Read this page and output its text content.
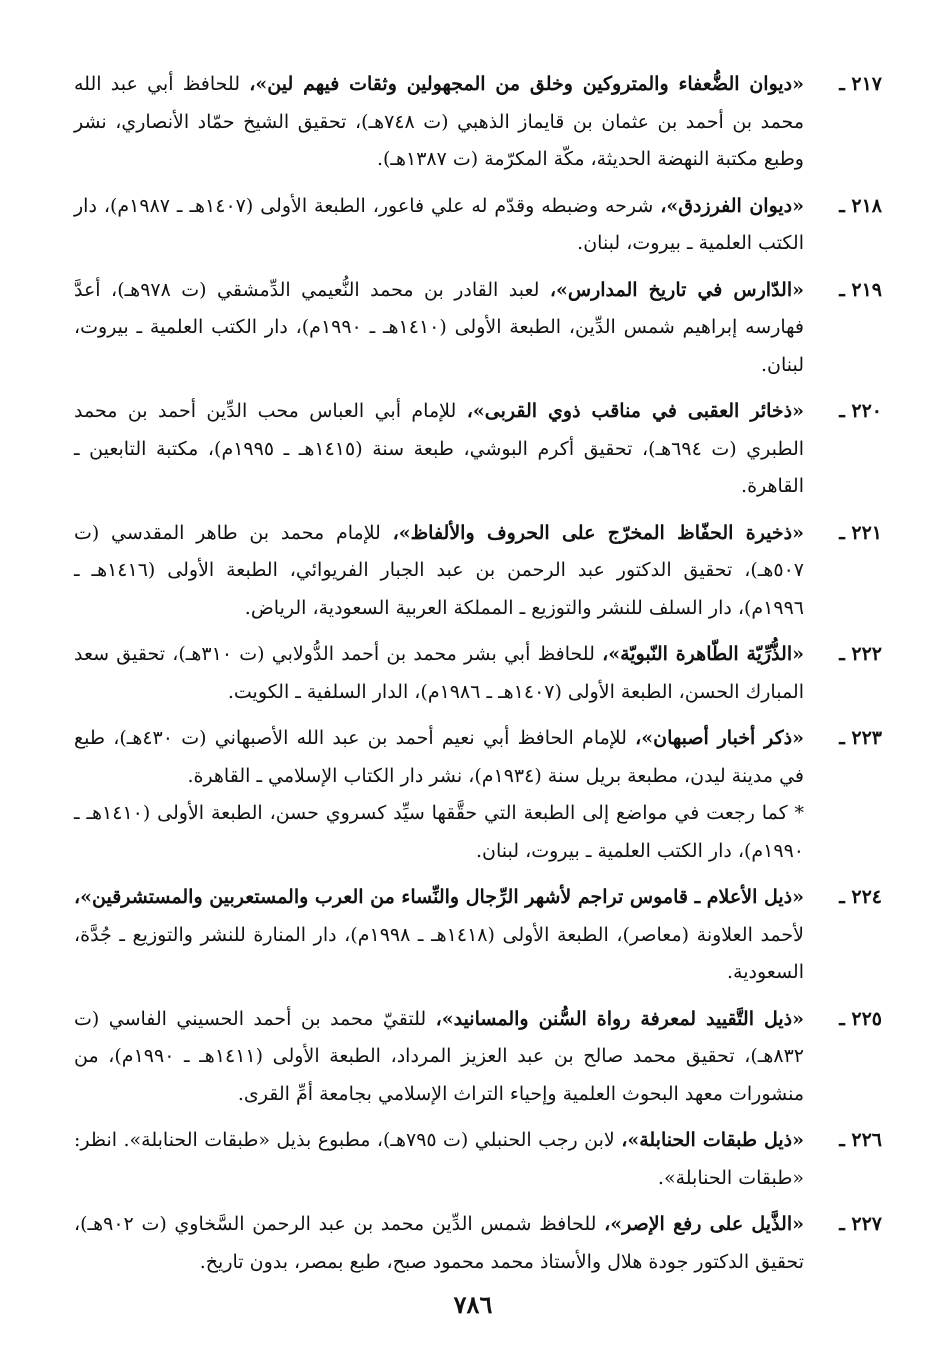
٢١٧ ـ
«ديوان الضُّعفاء والمتروكين وخلق من المجهولين وثقات فيهم لين»، للحافظ أبي عبد الله محمد بن أحمد بن عثمان بن قايماز الذهبي (ت ٧٤٨هـ)، تحقيق الشيخ حمّاد الأنصاري، نشر وطبع مكتبة النهضة الحديثة، مكّة المكرّمة (ت ١٣٨٧هـ).
٢١٨ ـ
«ديوان الفرزدق»، شرحه وضبطه وقدّم له علي فاعور، الطبعة الأولى (١٤٠٧هـ ـ ١٩٨٧م)، دار الكتب العلمية ـ بيروت، لبنان.
٢١٩ ـ
«الدّارس في تاريخ المدارس»، لعبد القادر بن محمد النُّعيمي الدِّمشقي (ت ٩٧٨هـ)، أعدَّ فهارسه إبراهيم شمس الدِّين، الطبعة الأولى (١٤١٠هـ ـ ١٩٩٠م)، دار الكتب العلمية ـ بيروت، لبنان.
٢٢٠ ـ
«ذخائر العقبى في مناقب ذوي القربى»، للإمام أبي العباس محب الدِّين أحمد بن محمد الطبري (ت ٦٩٤هـ)، تحقيق أكرم البوشي، طبعة سنة (١٤١٥هـ ـ ١٩٩٥م)، مكتبة التابعين ـ القاهرة.
٢٢١ ـ
«ذخيرة الحفّاظ المخرّج على الحروف والألفاظ»، للإمام محمد بن طاهر المقدسي (ت ٥٠٧هـ)، تحقيق الدكتور عبد الرحمن بن عبد الجبار الفريوائي، الطبعة الأولى (١٤١٦هـ ـ ١٩٩٦م)، دار السلف للنشر والتوزيع ـ المملكة العربية السعودية، الرياض.
٢٢٢ ـ
«الذُّرِّيّة الطّاهرة النّبويّة»، للحافظ أبي بشر محمد بن أحمد الدُّولابي (ت ٣١٠هـ)، تحقيق سعد المبارك الحسن، الطبعة الأولى (١٤٠٧هـ ـ ١٩٨٦م)، الدار السلفية ـ الكويت.
٢٢٣ ـ
«ذكر أخبار أصبهان»، للإمام الحافظ أبي نعيم أحمد بن عبد الله الأصبهاني (ت ٤٣٠هـ)، طبع في مدينة ليدن، مطبعة بريل سنة (١٩٣٤م)، نشر دار الكتاب الإسلامي ـ القاهرة.
* كما رجعت في مواضع إلى الطبعة التي حقَّقها سيِّد كسروي حسن، الطبعة الأولى (١٤١٠هـ ـ ١٩٩٠م)، دار الكتب العلمية ـ بيروت، لبنان.
٢٢٤ ـ
«ذيل الأعلام ـ قاموس تراجم لأشهر الرِّجال والنِّساء من العرب والمستعربين والمستشرقين»، لأحمد العلاونة (معاصر)، الطبعة الأولى (١٤١٨هـ ـ ١٩٩٨م)، دار المنارة للنشر والتوزيع ـ جُدَّة، السعودية.
٢٢٥ ـ
«ذيل التَّقييد لمعرفة رواة السُّنن والمسانيد»، للتقيّ محمد بن أحمد الحسيني الفاسي (ت ٨٣٢هـ)، تحقيق محمد صالح بن عبد العزيز المرداد، الطبعة الأولى (١٤١١هـ ـ ١٩٩٠م)، من منشورات معهد البحوث العلمية وإحياء التراث الإسلامي بجامعة أمِّ القرى.
٢٢٦ ـ
«ذيل طبقات الحنابلة»، لابن رجب الحنبلي (ت ٧٩٥هـ)، مطبوع بذيل «طبقات الحنابلة». انظر: «طبقات الحنابلة».
٢٢٧ ـ
«الذَّيل على رفع الإصر»، للحافظ شمس الدِّين محمد بن عبد الرحمن السَّخاوي (ت ٩٠٢هـ)، تحقيق الدكتور جودة هلال والأستاذ محمد محمود صبح، طبع بمصر، بدون تاريخ.
٧٨٦
